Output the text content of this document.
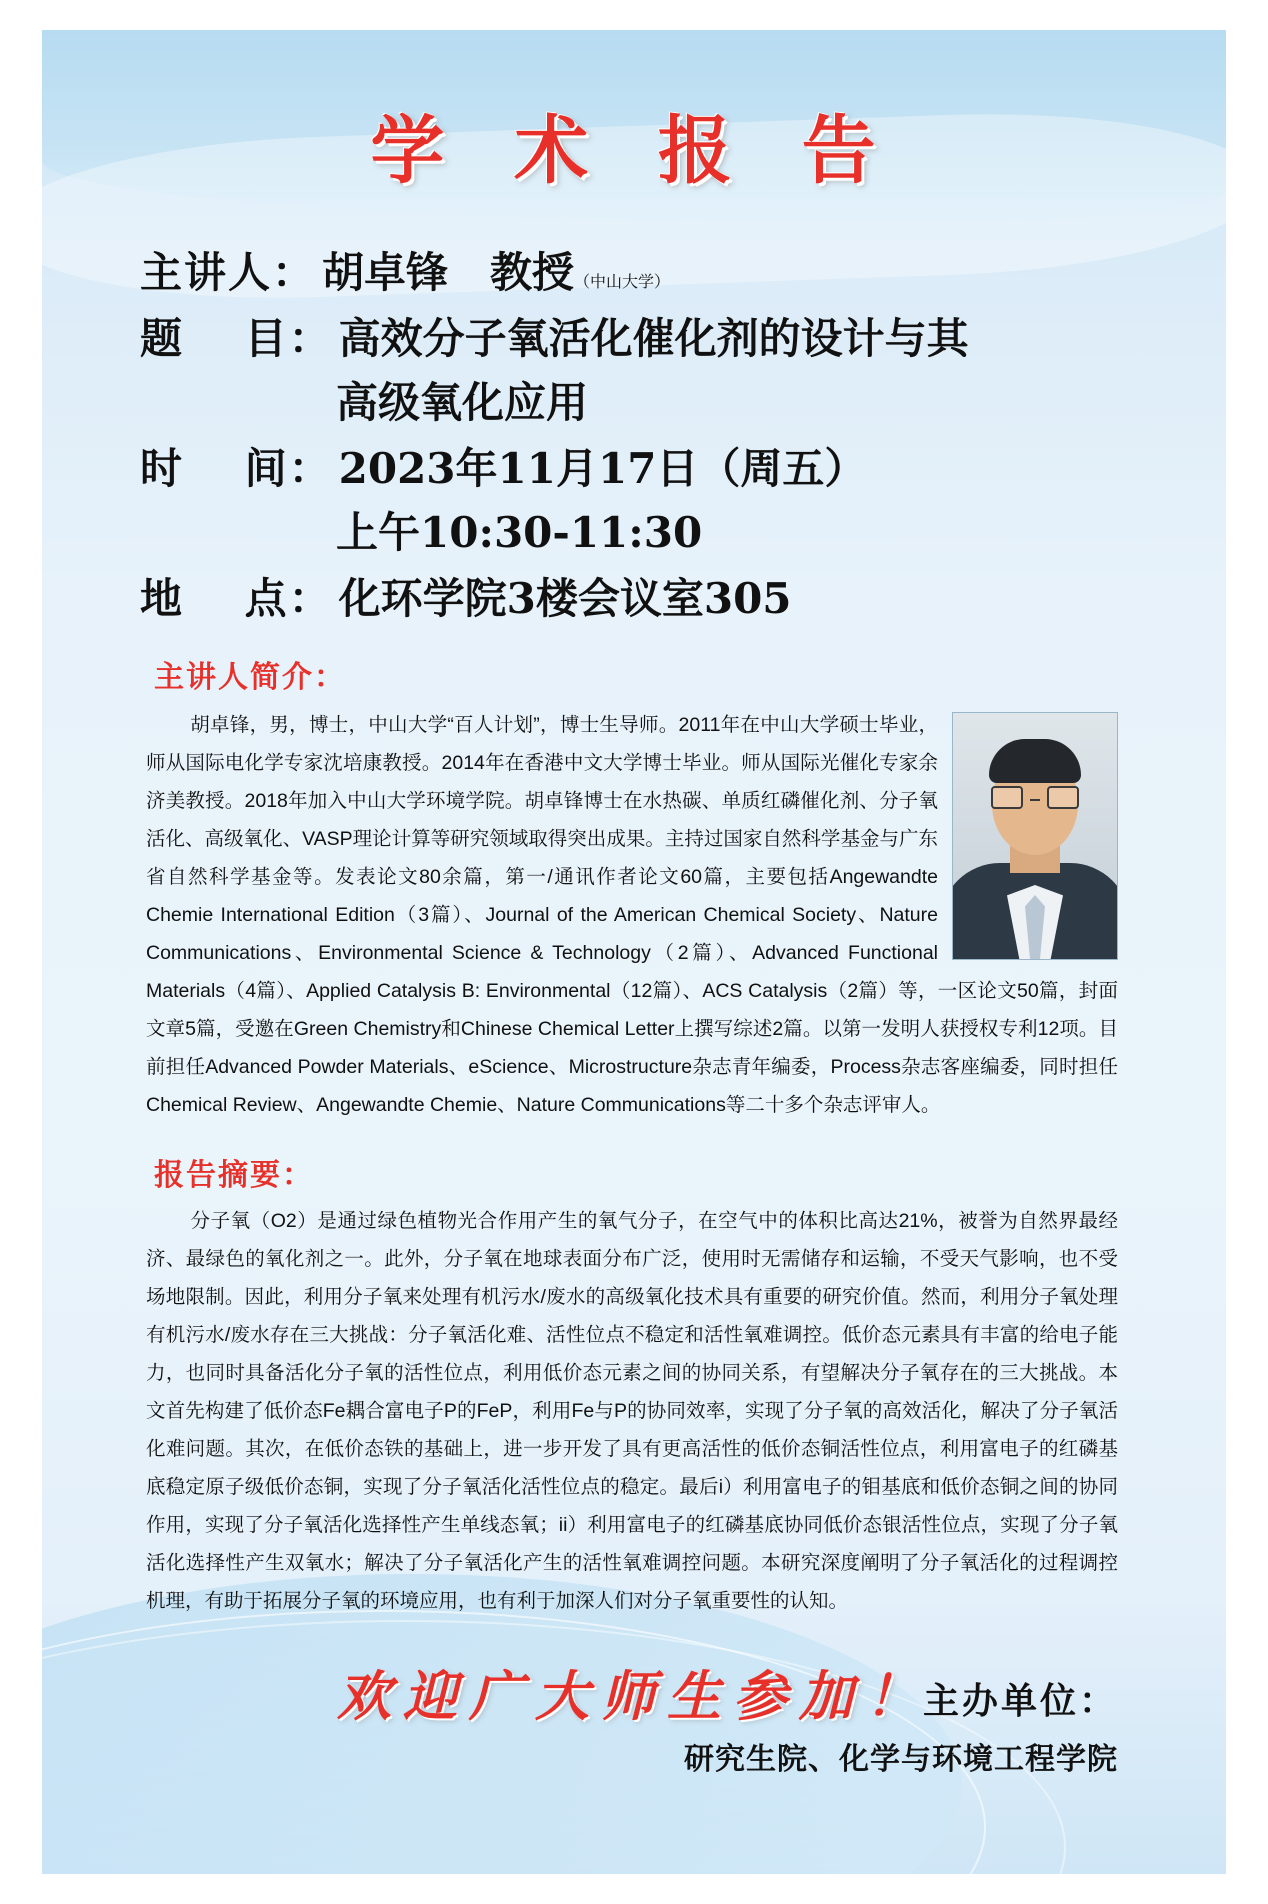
学 术 报 告
主讲人： 胡卓锋　教授 （中山大学）
题　 目： 高效分子氧活化催化剂的设计与其
高级氧化应用
时　 间： 2023年11月17日（周五）
上午10:30-11:30
地　 点： 化环学院3楼会议室305
主讲人简介：
胡卓锋，男，博士，中山大学“百人计划”，博士生导师。2011年在中山大学硕士毕业，师从国际电化学专家沈培康教授。2014年在香港中文大学博士毕业。师从国际光催化专家余济美教授。2018年加入中山大学环境学院。胡卓锋博士在水热碳、单质红磷催化剂、分子氧活化、高级氧化、VASP理论计算等研究领域取得突出成果。主持过国家自然科学基金与广东省自然科学基金等。发表论文80余篇，第一/通讯作者论文60篇，主要包括Angewandte Chemie International Edition（3篇）、Journal of the American Chemical Society、Nature Communications、Environmental Science & Technology（2篇）、Advanced Functional Materials（4篇）、Applied Catalysis B: Environmental（12篇）、ACS Catalysis（2篇）等，一区论文50篇，封面文章5篇，受邀在Green Chemistry和Chinese Chemical Letter上撰写综述2篇。以第一发明人获授权专利12项。目前担任Advanced Powder Materials、eScience、Microstructure杂志青年编委，Process杂志客座编委，同时担任Chemical Review、Angewandte Chemie、Nature Communications等二十多个杂志评审人。
报告摘要：
分子氧（O2）是通过绿色植物光合作用产生的氧气分子，在空气中的体积比高达21%，被誉为自然界最经济、最绿色的氧化剂之一。此外，分子氧在地球表面分布广泛，使用时无需储存和运输，不受天气影响，也不受场地限制。因此，利用分子氧来处理有机污水/废水的高级氧化技术具有重要的研究价值。然而，利用分子氧处理有机污水/废水存在三大挑战：分子氧活化难、活性位点不稳定和活性氧难调控。低价态元素具有丰富的给电子能力，也同时具备活化分子氧的活性位点，利用低价态元素之间的协同关系，有望解决分子氧存在的三大挑战。本文首先构建了低价态Fe耦合富电子P的FeP，利用Fe与P的协同效率，实现了分子氧的高效活化，解决了分子氧活化难问题。其次，在低价态铁的基础上，进一步开发了具有更高活性的低价态铜活性位点，利用富电子的红磷基底稳定原子级低价态铜，实现了分子氧活化活性位点的稳定。最后i）利用富电子的钼基底和低价态铜之间的协同作用，实现了分子氧活化选择性产生单线态氧；ii）利用富电子的红磷基底协同低价态银活性位点，实现了分子氧活化选择性产生双氧水；解决了分子氧活化产生的活性氧难调控问题。本研究深度阐明了分子氧活化的过程调控机理，有助于拓展分子氧的环境应用，也有利于加深人们对分子氧重要性的认知。
欢迎广大师生参加！
主办单位：
研究生院、化学与环境工程学院
